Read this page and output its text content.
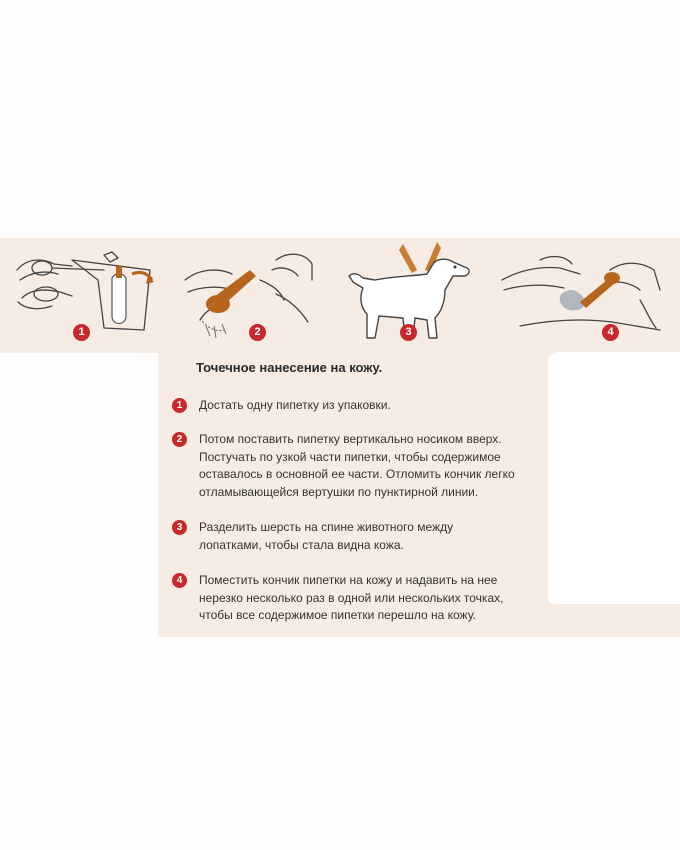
1	2	3	4
Точечное нанесение на кожу.
1	Достать одну пипетку из упаковки.
2	Потом поставить пипетку вертикально носиком вверх.
Постучать по узкой части пипетки, чтобы содержимое
оставалось в основной ее части. Отломить кончик легко
отламывающейся вертушки по пунктирной линии.
3	Разделить шерсть на спине животного между
лопатками, чтобы стала видна кожа.
4	Поместить кончик пипетки на кожу и надавить на нее
нерезко несколько раз в одной или нескольких точках,
чтобы все содержимое пипетки перешло на кожу.
